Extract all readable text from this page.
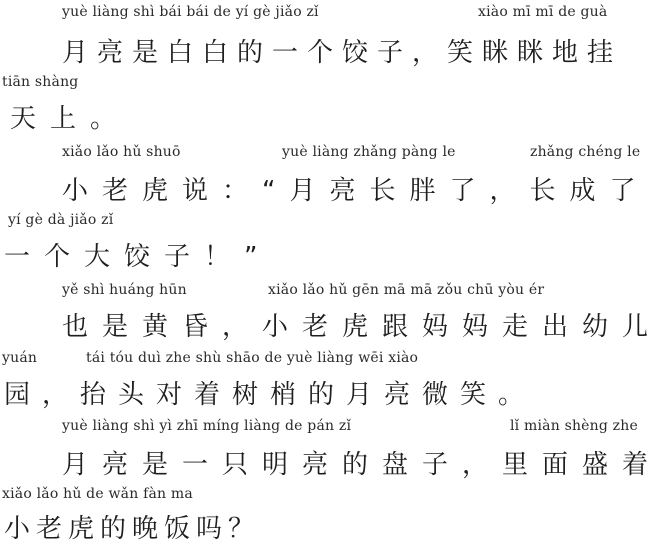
yuè liàng shì bái bái de yí gè jiǎo zǐ	xiào mī mī de guà
月亮是白白的一个饺子，笑眯眯地挂
tiān shàng
天上。
xiǎo lǎo hǔ shuō	yuè liàng zhǎng pàng le	zhǎng chéng le
小老虎说：“月亮长胖了，长成了
yí gè dà jiǎo zǐ
一个大饺子！”
yě shì huáng hūn	xiǎo lǎo hǔ gēn mā mā zǒu chū yòu ér
也是黄昏，小老虎跟妈妈走出幼儿
yuán	tái tóu duì zhe shù shāo de yuè liàng wēi xiào
园，抬头对着树梢的月亮微笑。
yuè liàng shì yì zhī míng liàng de pán zǐ	lǐ miàn shèng zhe
月亮是一只明亮的盘子，里面盛着
xiǎo lǎo hǔ de wǎn fàn ma
小老虎的晚饭吗？
